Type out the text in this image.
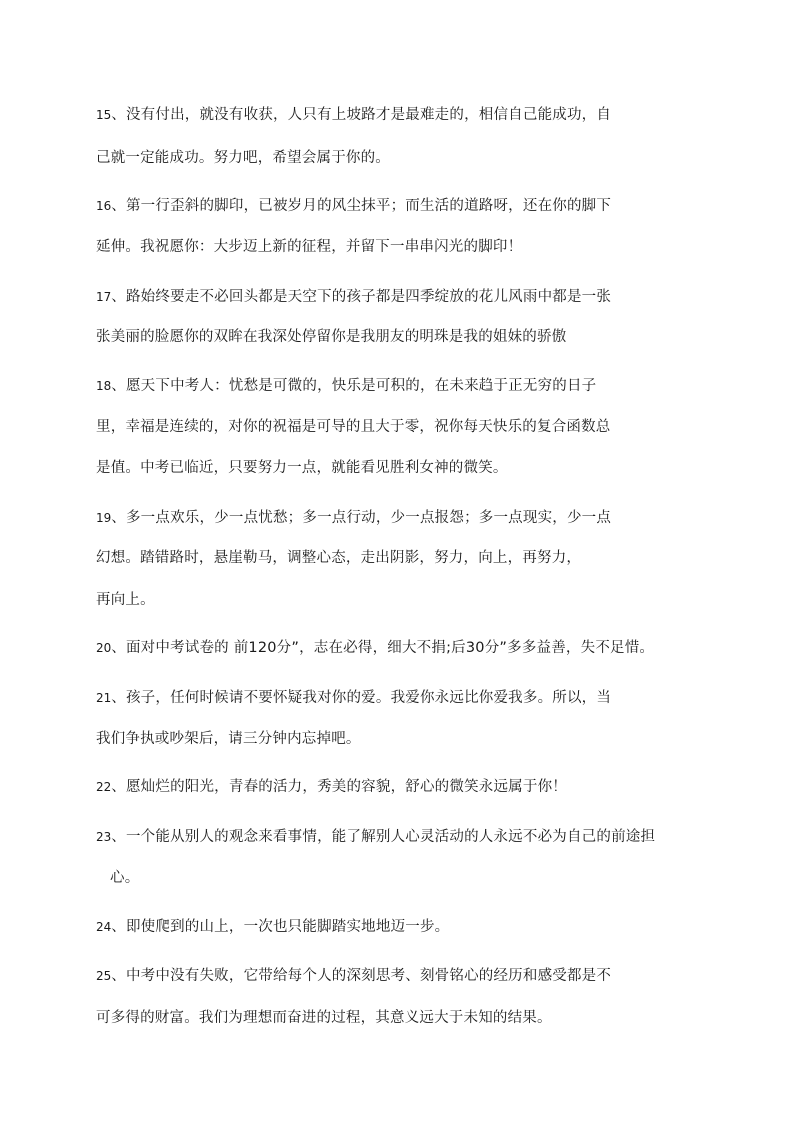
15、没有付出，就没有收获，人只有上坡路才是最难走的，相信自己能成功，自
己就一定能成功。努力吧，希望会属于你的。
16、第一行歪斜的脚印，已被岁月的风尘抹平；而生活的道路呀，还在你的脚下
延伸。我祝愿你：大步迈上新的征程，并留下一串串闪光的脚印！
17、路始终要走不必回头都是天空下的孩子都是四季绽放的花儿风雨中都是一张
张美丽的脸愿你的双眸在我深处停留你是我朋友的明珠是我的姐妹的骄傲
18、愿天下中考人：忧愁是可微的，快乐是可积的，在未来趋于正无穷的日子
里，幸福是连续的，对你的祝福是可导的且大于零，祝你每天快乐的复合函数总
是值。中考已临近，只要努力一点，就能看见胜利女神的微笑。
19、多一点欢乐，少一点忧愁；多一点行动，少一点报怨；多一点现实，少一点
幻想。踏错路时，悬崖勒马，调整心态，走出阴影，努力，向上，再努力，
再向上。
20、面对中考试卷的 前120分”，志在必得，细大不捐;后30分”多多益善，失不足惜。
21、孩子，任何时候请不要怀疑我对你的爱。我爱你永远比你爱我多。所以，当
我们争执或吵架后，请三分钟内忘掉吧。
22、愿灿烂的阳光，青春的活力，秀美的容貌，舒心的微笑永远属于你！
23、一个能从别人的观念来看事情，能了解别人心灵活动的人永远不必为自己的前途担
心。
24、即使爬到的山上，一次也只能脚踏实地地迈一步。
25、中考中没有失败，它带给每个人的深刻思考、刻骨铭心的经历和感受都是不
可多得的财富。我们为理想而奋进的过程，其意义远大于未知的结果。
